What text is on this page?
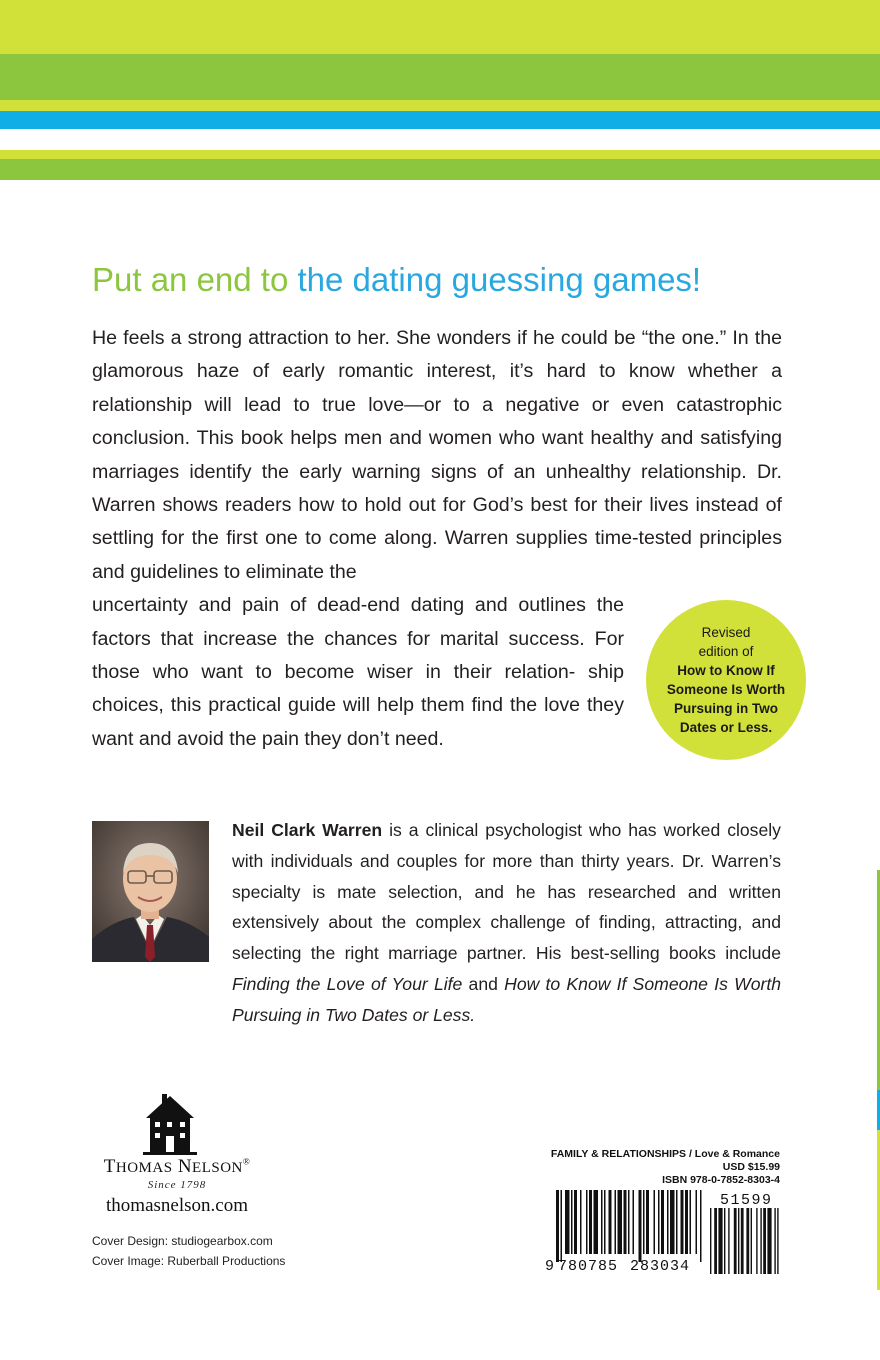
Put an end to the dating guessing games!

He feels a strong attraction to her. She wonders if he could be “the one.” In the glamorous haze of early romantic interest, it’s hard to know whether a relationship will lead to true love—or to a negative or even catastrophic conclusion. This book helps men and women who want healthy and satisfying marriages identify the early warning signs of an unhealthy relationship. Dr. Warren shows readers how to hold out for God’s best for their lives instead of settling for the first one to come along. Warren supplies time-tested principles and guidelines to eliminate the

uncertainty and pain of dead-end dating and outlines the factors that increase the chances for marital success. For those who want to become wiser in their relation- ship choices, this practical guide will help them find the love they want and avoid the pain they don’t need.

Revised
edition of
How to Know If Someone Is Worth Pursuing in Two Dates or Less.

Neil Clark Warren is a clinical psychologist who has worked closely with individuals and couples for more than thirty years. Dr. Warren’s specialty is mate selection, and he has researched and written extensively about the complex challenge of finding, attracting, and selecting the right marriage partner. His best-selling books include Finding the Love of Your Life and How to Know If Someone Is Worth Pursuing in Two Dates or Less.

THOMAS NELSON®
Since 1798
thomasnelson.com
Cover Design: studiogearbox.com
Cover Image: Ruberball Productions
FAMILY & RELATIONSHIPS / Love & Romance
USD $15.99
ISBN 978-0-7852-8303-4
9 780785 283034
51599
